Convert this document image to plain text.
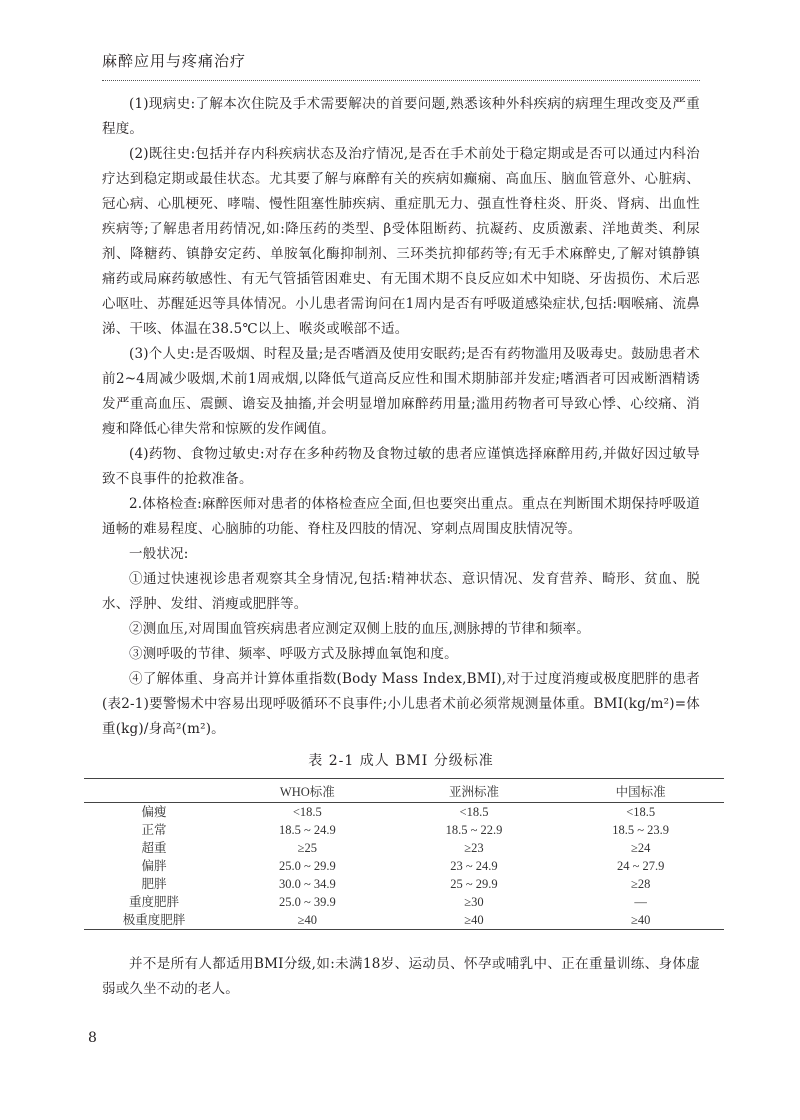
麻醉应用与疼痛治疗

(1)现病史:了解本次住院及手术需要解决的首要问题,熟悉该种外科疾病的病理生理改变及严重程度。

(2)既往史:包括并存内科疾病状态及治疗情况,是否在手术前处于稳定期或是否可以通过内科治疗达到稳定期或最佳状态。尤其要了解与麻醉有关的疾病如癫痫、高血压、脑血管意外、心脏病、冠心病、心肌梗死、哮喘、慢性阻塞性肺疾病、重症肌无力、强直性脊柱炎、肝炎、肾病、出血性疾病等;了解患者用药情况,如:降压药的类型、β受体阻断药、抗凝药、皮质激素、洋地黄类、利尿剂、降糖药、镇静安定药、单胺氧化酶抑制剂、三环类抗抑郁药等;有无手术麻醉史,了解对镇静镇痛药或局麻药敏感性、有无气管插管困难史、有无围术期不良反应如术中知晓、牙齿损伤、术后恶心呕吐、苏醒延迟等具体情况。小儿患者需询问在1周内是否有呼吸道感染症状,包括:咽喉痛、流鼻涕、干咳、体温在38.5℃以上、喉炎或喉部不适。

(3)个人史:是否吸烟、时程及量;是否嗜酒及使用安眠药;是否有药物滥用及吸毒史。鼓励患者术前2~4周减少吸烟,术前1周戒烟,以降低气道高反应性和围术期肺部并发症;嗜酒者可因戒断酒精诱发严重高血压、震颤、谵妄及抽搐,并会明显增加麻醉药用量;滥用药物者可导致心悸、心绞痛、消瘦和降低心律失常和惊厥的发作阈值。

(4)药物、食物过敏史:对存在多种药物及食物过敏的患者应谨慎选择麻醉用药,并做好因过敏导致不良事件的抢救准备。

2.体格检查:麻醉医师对患者的体格检查应全面,但也要突出重点。重点在判断围术期保持呼吸道通畅的难易程度、心脑肺的功能、脊柱及四肢的情况、穿刺点周围皮肤情况等。

一般状况:

①通过快速视诊患者观察其全身情况,包括:精神状态、意识情况、发育营养、畸形、贫血、脱水、浮肿、发绀、消瘦或肥胖等。

②测血压,对周围血管疾病患者应测定双侧上肢的血压,测脉搏的节律和频率。

③测呼吸的节律、频率、呼吸方式及脉搏血氧饱和度。

④了解体重、身高并计算体重指数(Body Mass Index,BMI),对于过度消瘦或极度肥胖的患者(表2-1)要警惕术中容易出现呼吸循环不良事件;小儿患者术前必须常规测量体重。BMI(kg/m²)=体重(kg)/身高²(m²)。

表 2-1 成人 BMI 分级标准
	WHO标准	亚洲标准	中国标准
偏瘦	<18.5	<18.5	<18.5
正常	18.5 ~ 24.9	18.5 ~ 22.9	18.5 ~ 23.9
超重	≥25	≥23	≥24
偏胖	25.0 ~ 29.9	23 ~ 24.9	24 ~ 27.9
肥胖	30.0 ~ 34.9	25 ~ 29.9	≥28
重度肥胖	25.0 ~ 39.9	≥30	—
极重度肥胖	≥40	≥40	≥40

并不是所有人都适用BMI分级,如:未满18岁、运动员、怀孕或哺乳中、正在重量训练、身体虚弱或久坐不动的老人。

8
